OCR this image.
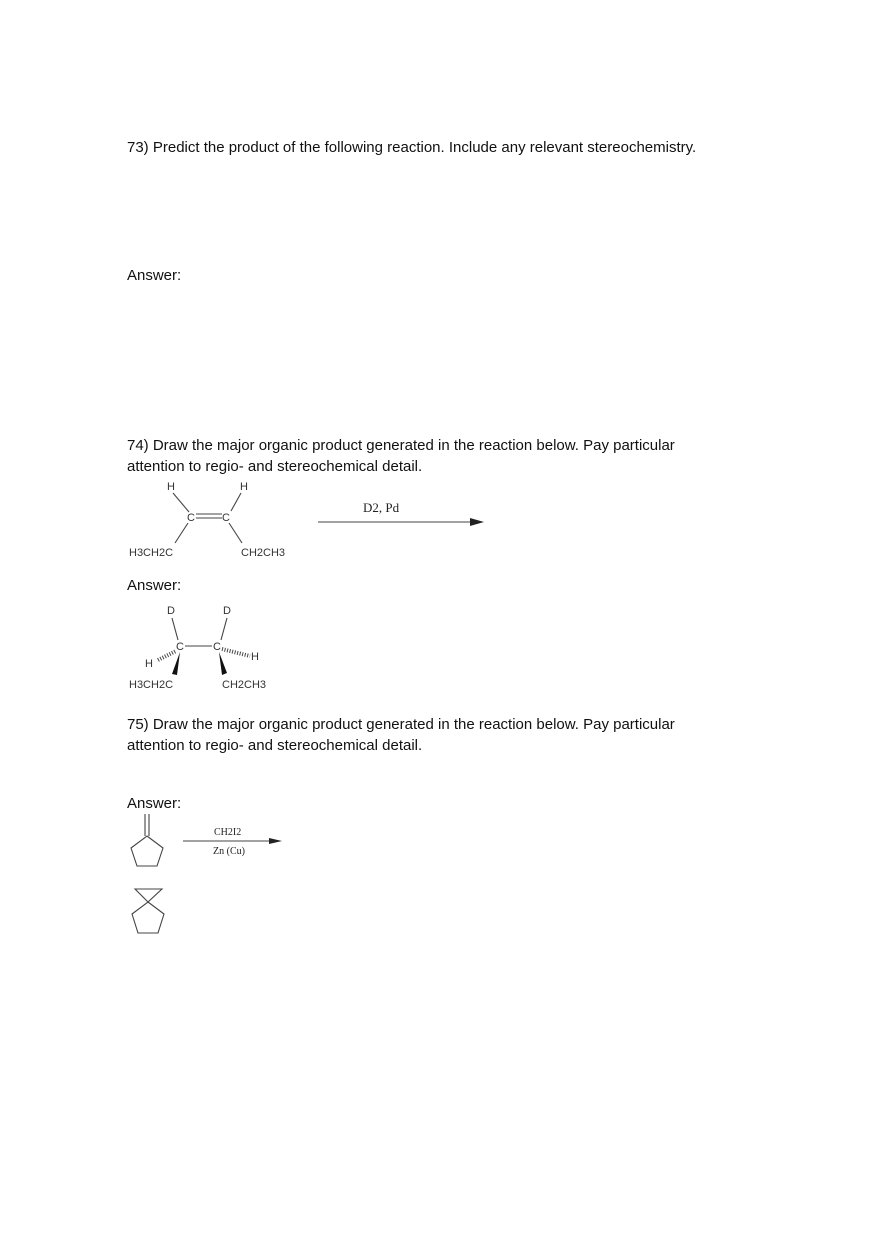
73) Predict the product of the following reaction. Include any relevant stereochemistry.
Answer:
74) Draw the major organic product generated in the reaction below. Pay particular
attention to regio- and stereochemical detail.
Answer:
75) Draw the major organic product generated in the reaction below. Pay particular
attention to regio- and stereochemical detail.
Answer:
H	H
C C
H3CH2C	CH2CH3
D2, Pd
D	D
C	C
H
H
H3CH2C	CH2CH3
CH2I2
Zn (Cu)
